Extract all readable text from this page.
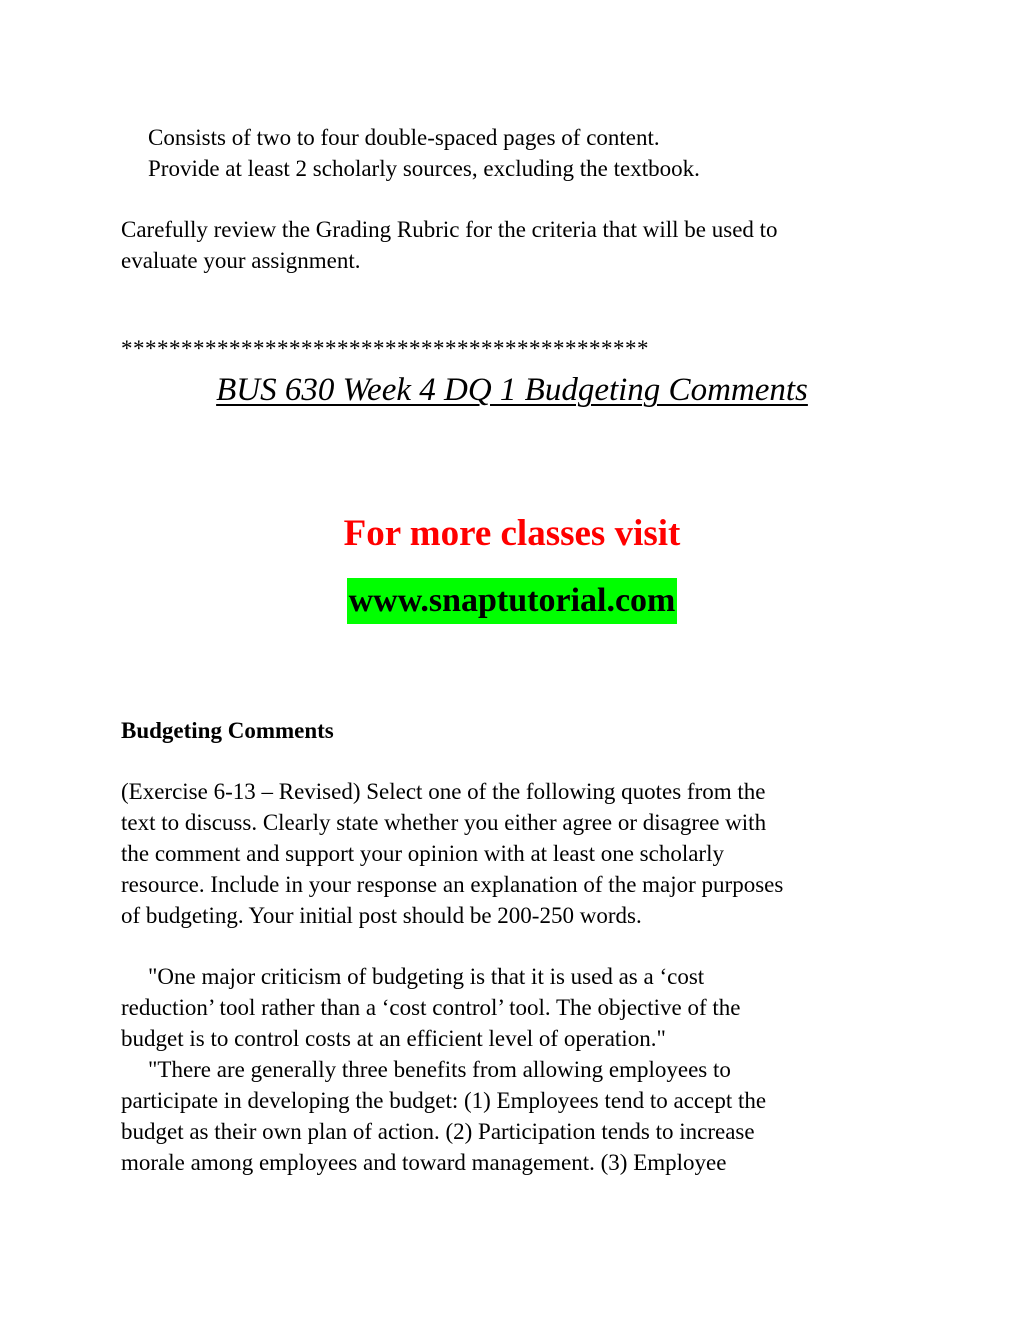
Consists of two to four double-spaced pages of content.
Provide at least 2 scholarly sources, excluding the textbook.
Carefully review the Grading Rubric for the criteria that will be used to
evaluate your assignment.
********************************************
BUS 630 Week 4 DQ 1 Budgeting Comments
For more classes visit
www.snaptutorial.com
Budgeting Comments
(Exercise 6-13 – Revised) Select one of the following quotes from the
text to discuss. Clearly state whether you either agree or disagree with
the comment and support your opinion with at least one scholarly
resource. Include in your response an explanation of the major purposes
of budgeting. Your initial post should be 200-250 words.
"One major criticism of budgeting is that it is used as a ‘cost
reduction’ tool rather than a ‘cost control’ tool. The objective of the
budget is to control costs at an efficient level of operation."
"There are generally three benefits from allowing employees to
participate in developing the budget: (1) Employees tend to accept the
budget as their own plan of action. (2) Participation tends to increase
morale among employees and toward management. (3) Employee
